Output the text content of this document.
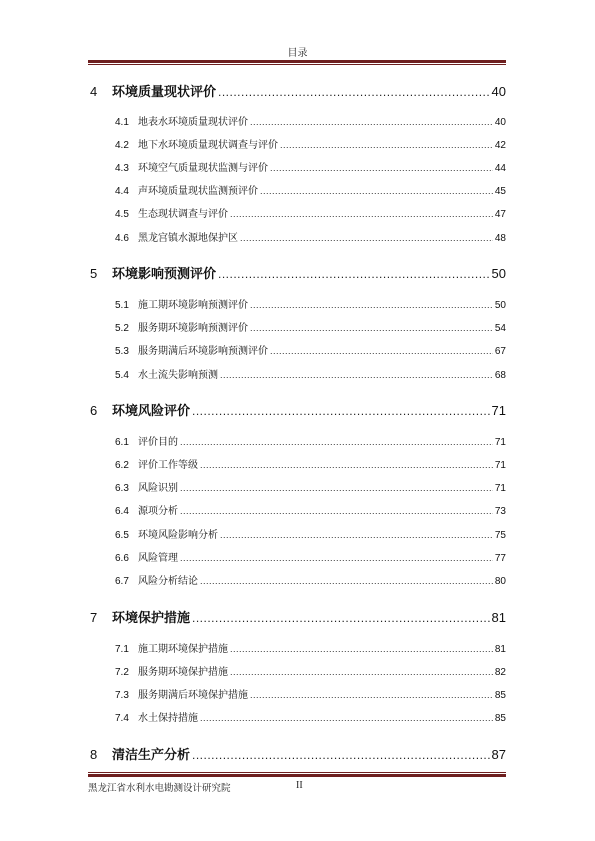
目录
4	环境质量现状评价 .....	40
4.1 地表水环境质量现状评价 .....	40
4.2 地下水环境质量现状调查与评价 .....	42
4.3 环境空气质量现状监测与评价 .....	44
4.4 声环境质量现状监测预评价 .....	45
4.5 生态现状调查与评价 .....	47
4.6 黑龙宫镇水源地保护区 .....	48
5	环境影响预测评价 .....	50
5.1 施工期环境影响预测评价 .....	50
5.2 服务期环境影响预测评价 .....	54
5.3 服务期满后环境影响预测评价 .....	67
5.4 水土流失影响预测 .....	68
6	环境风险评价 .....	71
6.1 评价目的 .....	71
6.2 评价工作等级 .....	71
6.3 风险识别 .....	71
6.4 源项分析 .....	73
6.5 环境风险影响分析 .....	75
6.6 风险管理 .....	77
6.7 风险分析结论 .....	80
7	环境保护措施 .....	81
7.1 施工期环境保护措施 .....	81
7.2 服务期环境保护措施 .....	82
7.3 服务期满后环境保护措施 .....	85
7.4 水土保持措施 .....	85
8	清洁生产分析 .....	87
黑龙江省水利水电勘测设计研究院	II
